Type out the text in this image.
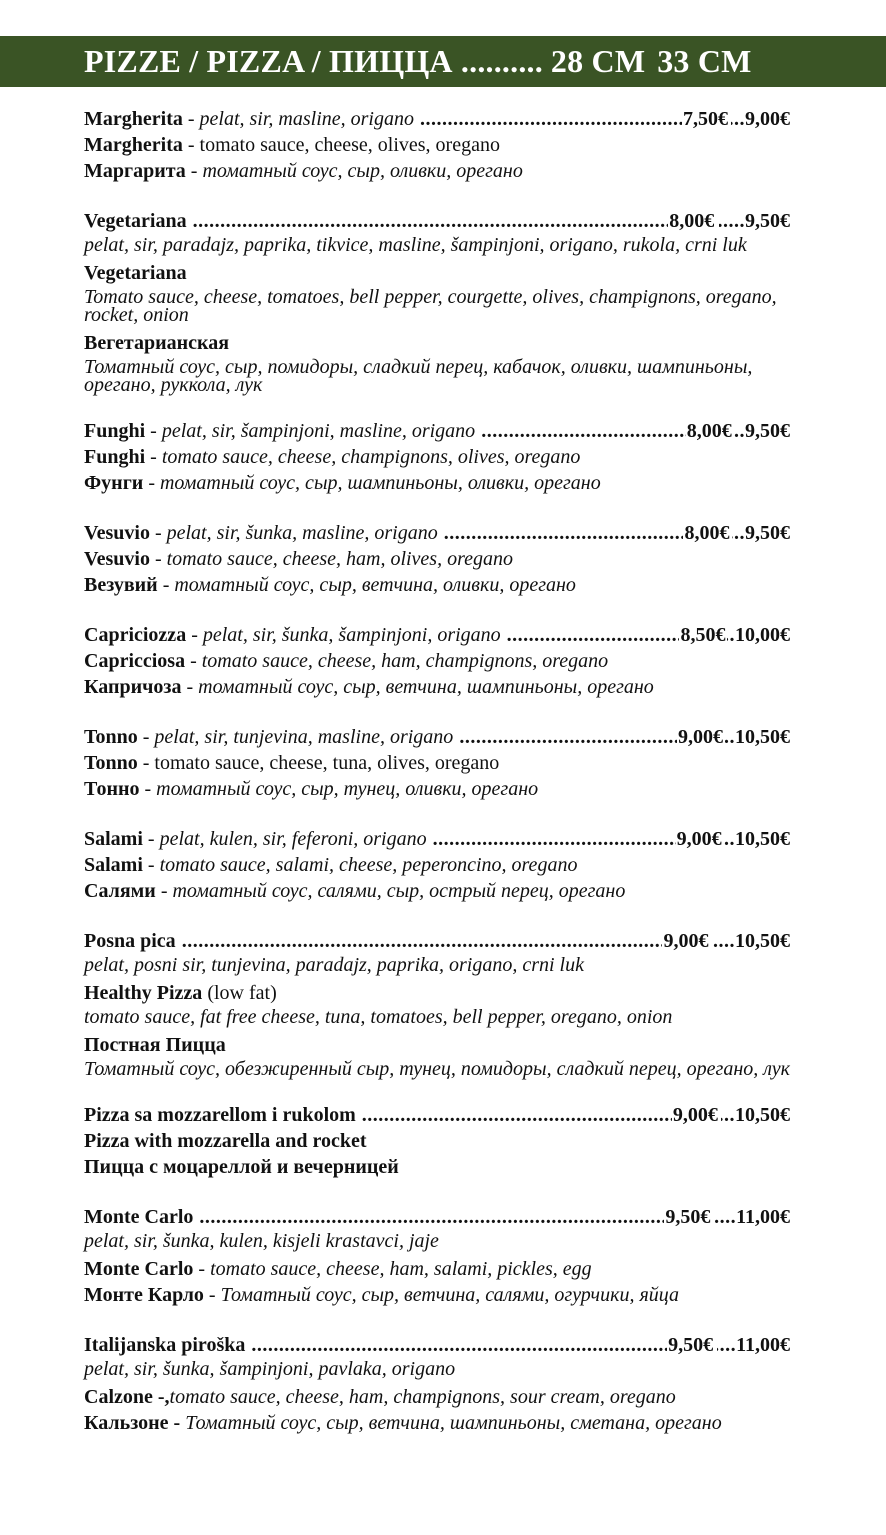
PIZZE / PIZZA / ПИЦЦА .......... 28 CM 33 CM
Margherita - pelat, sir, masline, origano .....	7,50€ ..... 9,00€
Margherita - tomato sauce, cheese, olives, oregano
Маргарита - томатный соус, сыр, оливки, орегано
Vegetariana .....	8,00€ ..... 9,50€
pelat, sir, paradajz, paprika, tikvice, masline, šampinjoni, origano, rukola, crni luk
Vegetariana
Tomato sauce, cheese, tomatoes, bell pepper, courgette, olives, champignons, oregano, rocket, onion
Вегетарианская
Томатный соус, сыр, помидоры, сладкий перец, кабачок, оливки, шампиньоны, орегано, руккола, лук
Funghi - pelat, sir, šampinjoni, masline, origano .....	8,00€ ..... 9,50€
Funghi - tomato sauce, cheese, champignons, olives, oregano
Фунги - томатный соус, сыр, шампиньоны, оливки, орегано
Vesuvio - pelat, sir, šunka, masline, origano .....	8,00€ ..... 9,50€
Vesuvio - tomato sauce, cheese, ham, olives, oregano
Везувий - томатный соус, сыр, ветчина, оливки, орегано
Capriciozza - pelat, sir, šunka, šampinjoni, origano .....	8,50€ ..... 10,00€
Capricciosa - tomato sauce, cheese, ham, champignons, oregano
Капричоза - томатный соус, сыр, ветчина, шампиньоны, орегано
Tonno - pelat, sir, tunjevina, masline, origano .....	9,00€ ..... 10,50€
Tonno - tomato sauce, cheese, tuna, olives, oregano
Тонно - томатный соус, сыр, тунец, оливки, орегано
Salami - pelat, kulen, sir, feferoni, origano .....	9,00€ ..... 10,50€
Salami - tomato sauce, salami, cheese, peperoncino, oregano
Салями - томатный соус, салями, сыр, острый перец, орегано
Posna pica .....	9,00€ ..... 10,50€
pelat, posni sir, tunjevina, paradajz, paprika, origano, crni luk
Healthy Pizza (low fat)
tomato sauce, fat free cheese, tuna, tomatoes, bell pepper, oregano, onion
Постная Пицца
Томатный соус, обезжиренный сыр, тунец, помидоры, сладкий перец, орегано, лук
Pizza sa mozzarellom i rukolom .....	9,00€ ..... 10,50€
Pizza with mozzarella and rocket
Пицца с моцареллой и вечерницей
Monte Carlo .....	9,50€ ..... 11,00€
pelat, sir, šunka, kulen, kisjeli krastavci, jaje
Monte Carlo - tomato sauce, cheese, ham, salami, pickles, egg
Монте Карло - Томатный соус, сыр, ветчина, салями, огурчики, яйца
Italijanska piroška .....	9,50€ ..... 11,00€
pelat, sir, šunka, šampinjoni, pavlaka, origano
Calzone -,tomato sauce, cheese, ham, champignons, sour cream, oregano
Кальзоне - Томатный соус, сыр, ветчина, шампиньоны, сметана, орегано
